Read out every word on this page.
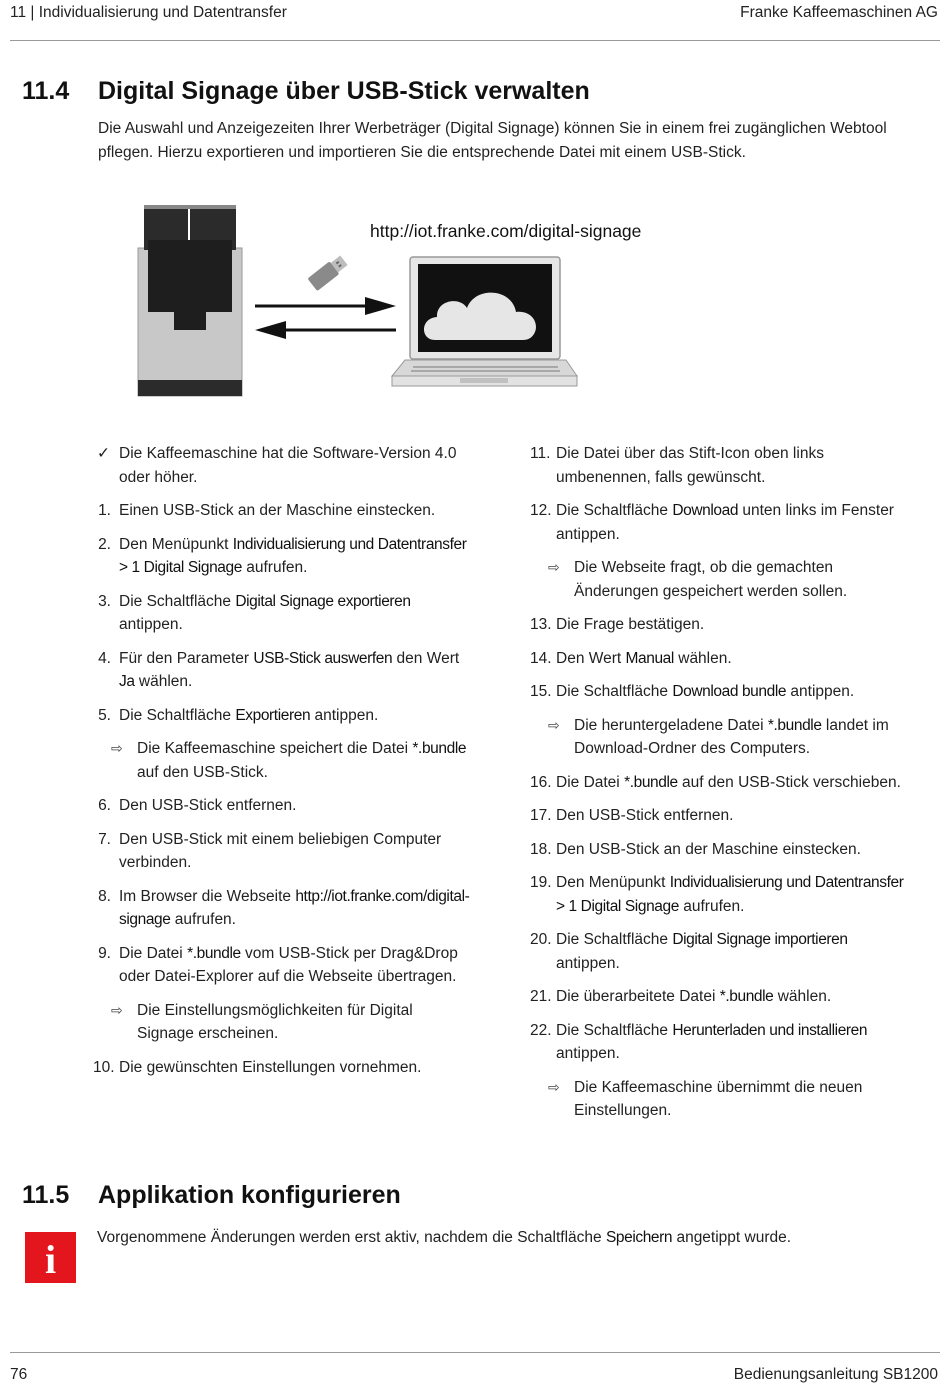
11 | Individualisierung und Datentransfer	Franke Kaffeemaschinen AG
11.4 Digital Signage über USB-Stick verwalten
Die Auswahl und Anzeigezeiten Ihrer Werbeträger (Digital Signage) können Sie in einem frei zugänglichen Webtool pflegen. Hierzu exportieren und importieren Sie die entsprechende Datei mit einem USB-Stick.
http://iot.franke.com/digital-signage
✓ Die Kaffeemaschine hat die Software-Version 4.0 oder höher.
1. Einen USB-Stick an der Maschine einstecken.
2. Den Menüpunkt Individualisierung und Datentransfer > 1 Digital Signage aufrufen.
3. Die Schaltfläche Digital Signage exportieren antippen.
4. Für den Parameter USB-Stick auswerfen den Wert Ja wählen.
5. Die Schaltfläche Exportieren antippen.
⇨ Die Kaffeemaschine speichert die Datei *.bundle auf den USB-Stick.
6. Den USB-Stick entfernen.
7. Den USB-Stick mit einem beliebigen Computer verbinden.
8. Im Browser die Webseite http://iot.franke.com/digital-signage aufrufen.
9. Die Datei *.bundle vom USB-Stick per Drag&Drop oder Datei-Explorer auf die Webseite übertragen.
⇨ Die Einstellungsmöglichkeiten für Digital Signage erscheinen.
10. Die gewünschten Einstellungen vornehmen.
11. Die Datei über das Stift-Icon oben links umbenennen, falls gewünscht.
12. Die Schaltfläche Download unten links im Fenster antippen.
⇨ Die Webseite fragt, ob die gemachten Änderungen gespeichert werden sollen.
13. Die Frage bestätigen.
14. Den Wert Manual wählen.
15. Die Schaltfläche Download bundle antippen.
⇨ Die heruntergeladene Datei *.bundle landet im Download-Ordner des Computers.
16. Die Datei *.bundle auf den USB-Stick verschieben.
17. Den USB-Stick entfernen.
18. Den USB-Stick an der Maschine einstecken.
19. Den Menüpunkt Individualisierung und Datentransfer > 1 Digital Signage aufrufen.
20. Die Schaltfläche Digital Signage importieren antippen.
21. Die überarbeitete Datei *.bundle wählen.
22. Die Schaltfläche Herunterladen und installieren antippen.
⇨ Die Kaffeemaschine übernimmt die neuen Einstellungen.
11.5 Applikation konfigurieren
i	Vorgenommene Änderungen werden erst aktiv, nachdem die Schaltfläche Speichern angetippt wurde.
76	Bedienungsanleitung SB1200
